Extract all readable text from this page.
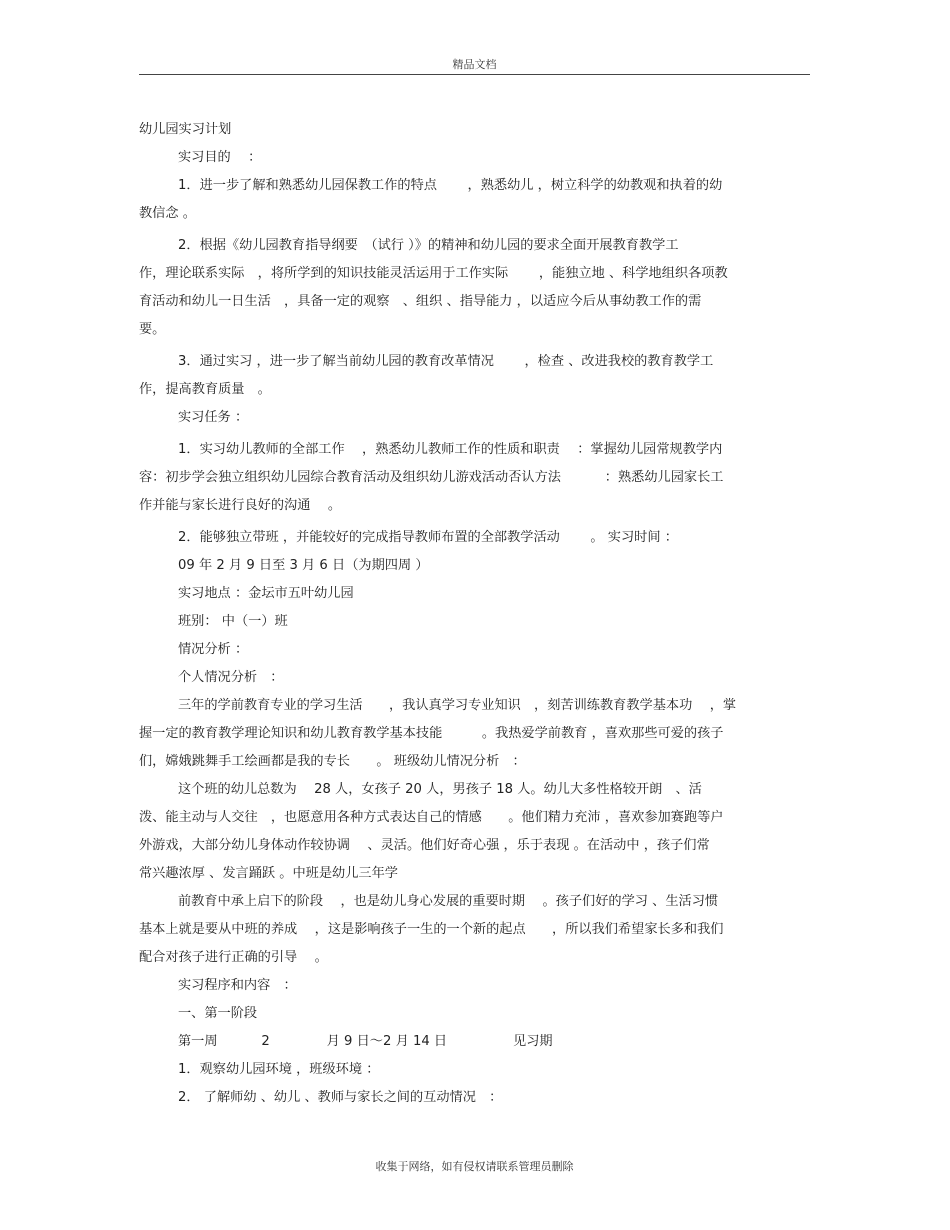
精品文档
幼儿园实习计划
实习目的　 ：
1．进一步了解和熟悉幼儿园保教工作的特点　　 ，熟悉幼儿 ，树立科学的幼教观和执着的幼
教信念 。
2．根据《幼儿园教育指导纲要　（试行 ）》的精神和幼儿园的要求全面开展教育教学工
作，理论联系实际　，将所学到的知识技能灵活运用于工作实际　　 ，能独立地 、科学地组织各项教
育活动和幼儿一日生活　，具备一定的观察　、组织 、指导能力 ，以适应今后从事幼教工作的需
要。
3．通过实习 ，进一步了解当前幼儿园的教育改革情况　　 ，检查 、改进我校的教育教学工
作，提高教育质量　。
实习任务 ：
1．实习幼儿教师的全部工作　 ，熟悉幼儿教师工作的性质和职责　 ：掌握幼儿园常规教学内
容：初步学会独立组织幼儿园综合教育活动及组织幼儿游戏活动否认方法　　　 ：熟悉幼儿园家长工
作并能与家长进行良好的沟通　 。
2．能够独立带班 ，并能较好的完成指导教师布置的全部教学活动　　 。 实习时间 ：
09 年 2 月 9 日至 3 月 6 日（为期四周 ）
实习地点 ：金坛市五叶幼儿园
班别： 中（一）班
情况分析 ：
个人情况分析　：
三年的学前教育专业的学习生活　　，我认真学习专业知识　，刻苦训练教育教学基本功　 ，掌
握一定的教育教学理论知识和幼儿教育教学基本技能　　　。我热爱学前教育 ，喜欢那些可爱的孩子
们，嫦娥跳舞手工绘画都是我的专长　　。 班级幼儿情况分析　：
这个班的幼儿总数为　 28 人，女孩子 20 人，男孩子 18 人。幼儿大多性格较开朗　、活
泼、能主动与人交往　，也愿意用各种方式表达自己的情感　　。他们精力充沛 ，喜欢参加赛跑等户
外游戏，大部分幼儿身体动作较协调　 、灵活。他们好奇心强 ，乐于表现 。在活动中 ，孩子们常
常兴趣浓厚 、发言踊跃 。中班是幼儿三年学
前教育中承上启下的阶段　 ，也是幼儿身心发展的重要时期　 。孩子们好的学习 、生活习惯
基本上就是要从中班的养成　 ，这是影响孩子一生的一个新的起点　　，所以我们希望家长多和我们
配合对孩子进行正确的引导　 。
实习程序和内容　：
一、第一阶段
第一周　　　 2　　　　 月 9 日～2 月 14 日　　　　　见习期
1．观察幼儿园环境 ，班级环境 ：
2． 了解师幼 、幼儿 、教师与家长之间的互动情况　：
收集于网络，如有侵权请联系管理员删除
